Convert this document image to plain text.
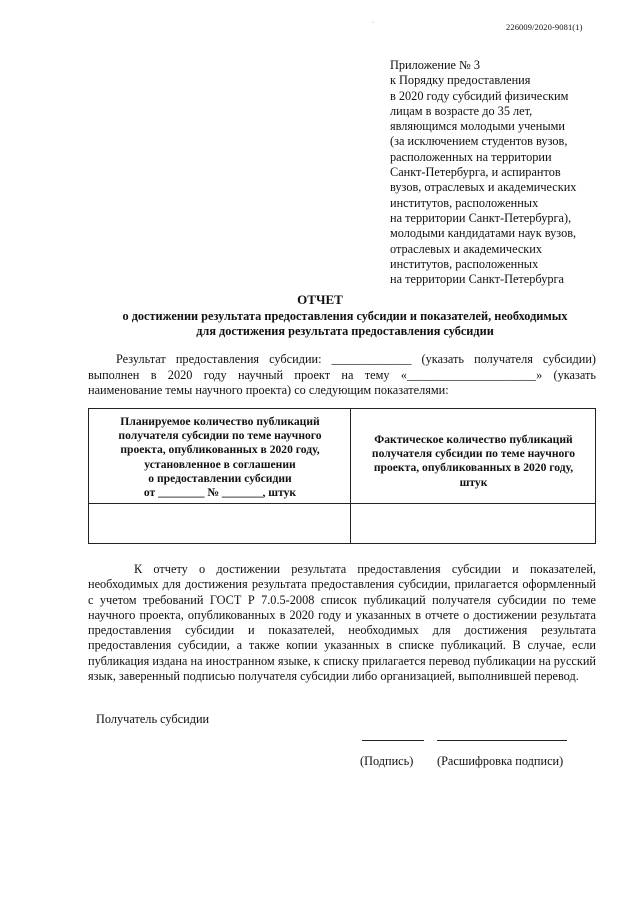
226009/2020-9081(1)
·
Приложение № 3
к Порядку предоставления
в 2020 году субсидий физическим
лицам в возрасте до 35 лет,
являющимся молодыми учеными
(за исключением студентов вузов,
расположенных на территории
Санкт-Петербурга, и аспирантов
вузов, отраслевых и академических
институтов, расположенных
на территории Санкт-Петербурга),
молодыми кандидатами наук вузов,
отраслевых и академических
институтов, расположенных
на территории Санкт-Петербурга
ОТЧЕТ
о достижении результата предоставления субсидии и показателей, необходимых
для достижения результата предоставления субсидии
Результат предоставления субсидии: _____________ (указать получателя субсидии) выполнен в 2020 году научный проект на тему «_____________________» (указать наименование темы научного проекта) со следующим показателями:
Планируемое количество публикаций
получателя субсидии по теме научного
проекта, опубликованных в 2020 году,
установленное в соглашении
о предоставлении субсидии
от ________ № _______, штук
Фактическое количество публикаций
получателя субсидии по теме научного
проекта, опубликованных в 2020 году,
штук
К отчету о достижении результата предоставления субсидии и показателей, необходимых для достижения результата предоставления субсидии, прилагается оформленный с учетом требований ГОСТ Р 7.0.5-2008 список публикаций получателя субсидии по теме научного проекта, опубликованных в 2020 году и указанных в отчете о достижении результата предоставления субсидии и показателей, необходимых для достижения результата предоставления субсидии, а также копии указанных в списке публикаций. В случае, если публикация издана на иностранном языке, к списку прилагается перевод публикации на русский язык, заверенный подписью получателя субсидии либо организацией, выполнившей перевод.
Получатель субсидии
(Подпись) (Расшифровка подписи)
